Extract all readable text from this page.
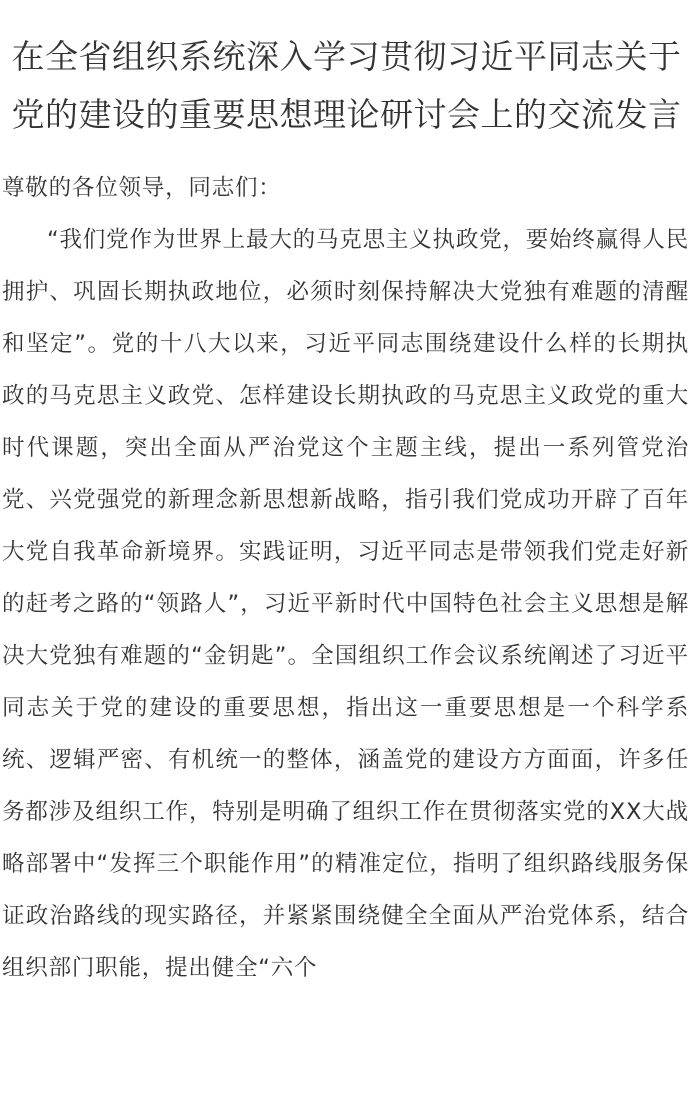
在全省组织系统深入学习贯彻习近平同志关于党的建设的重要思想理论研讨会上的交流发言

尊敬的各位领导，同志们：

“我们党作为世界上最大的马克思主义执政党，要始终赢得人民拥护、巩固长期执政地位，必须时刻保持解决大党独有难题的清醒和坚定”。党的十八大以来，习近平同志围绕建设什么样的长期执政的马克思主义政党、怎样建设长期执政的马克思主义政党的重大时代课题，突出全面从严治党这个主题主线，提出一系列管党治党、兴党强党的新理念新思想新战略，指引我们党成功开辟了百年大党自我革命新境界。实践证明，习近平同志是带领我们党走好新的赶考之路的“领路人”，习近平新时代中国特色社会主义思想是解决大党独有难题的“金钥匙”。全国组织工作会议系统阐述了习近平同志关于党的建设的重要思想，指出这一重要思想是一个科学系统、逻辑严密、有机统一的整体，涵盖党的建设方方面面，许多任务都涉及组织工作，特别是明确了组织工作在贯彻落实党的XX大战略部署中“发挥三个职能作用”的精准定位，指明了组织路线服务保证政治路线的现实路径，并紧紧围绕健全全面从严治党体系，结合组织部门职能，提出健全“六个
